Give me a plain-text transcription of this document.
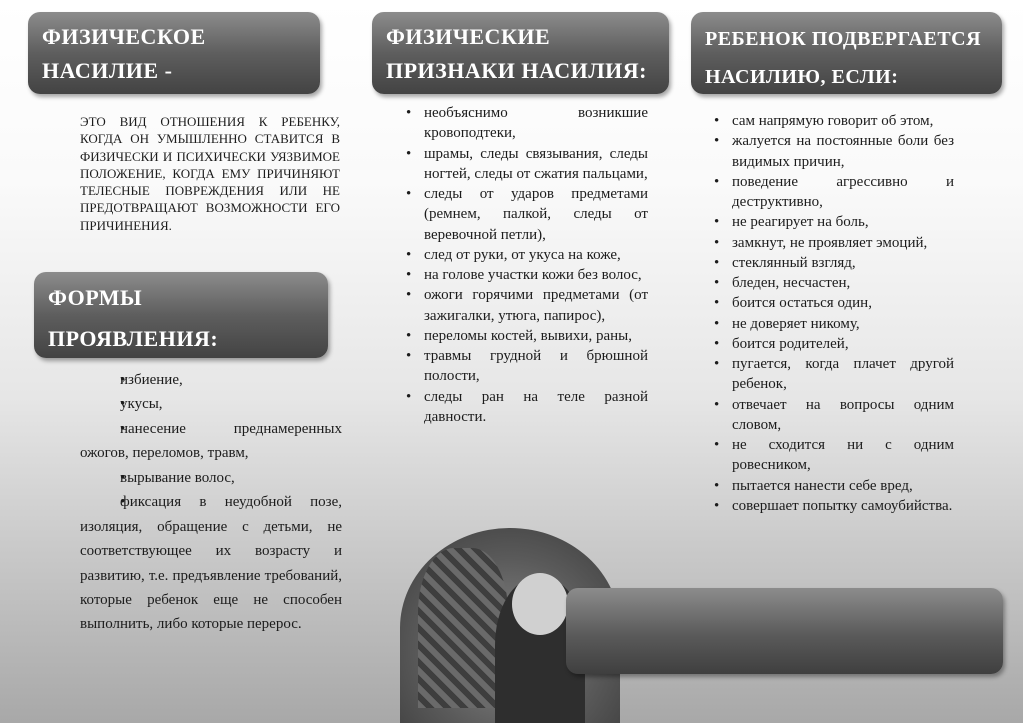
ФИЗИЧЕСКОЕ НАСИЛИЕ -

ЭТО ВИД ОТНОШЕНИЯ К РЕБЕНКУ, КОГДА ОН УМЫШЛЕННО СТАВИТСЯ В ФИЗИЧЕСКИ И ПСИХИЧЕСКИ УЯЗВИМОЕ ПОЛОЖЕНИЕ, КОГДА ЕМУ ПРИЧИНЯЮТ ТЕЛЕСНЫЕ ПОВРЕЖДЕНИЯ ИЛИ НЕ ПРЕДОТВРАЩАЮТ ВОЗМОЖНОСТИ ЕГО ПРИЧИНЕНИЯ.

ФОРМЫ ПРОЯВЛЕНИЯ:
• избиение,
• укусы,
• нанесение преднамеренных ожогов, переломов, травм,
• вырывание волос,
• фиксация в неудобной позе, изоляция, обращение с детьми, не соответствующее их возрасту и развитию, т.е. предъявление требований, которые ребенок еще не способен выполнить, либо которые перерос.
ФИЗИЧЕСКИЕ ПРИЗНАКИ НАСИЛИЯ:
• необъяснимо возникшие кровоподтеки,
• шрамы, следы связывания, следы ногтей, следы от сжатия пальцами,
• следы от ударов предметами (ремнем, палкой, следы от веревочной петли),
• след от руки, от укуса на коже,
• на голове участки кожи без волос,
• ожоги горячими предметами (от зажигалки, утюга, папирос),
• переломы костей, вывихи, раны,
• травмы грудной и брюшной полости,
• следы ран на теле разной давности.
РЕБЕНОК ПОДВЕРГАЕТСЯ НАСИЛИЮ, ЕСЛИ:
• сам напрямую говорит об этом,
• жалуется на постоянные боли без видимых причин,
• поведение агрессивно и деструктивно,
• не реагирует на боль,
• замкнут, не проявляет эмоций,
• стеклянный взгляд,
• бледен, несчастен,
• боится остаться один,
• не доверяет никому,
• боится родителей,
• пугается, когда плачет другой ребенок,
• отвечает на вопросы одним словом,
• не сходится ни с одним ровесником,
• пытается нанести себе вред,
• совершает попытку самоубийства.
